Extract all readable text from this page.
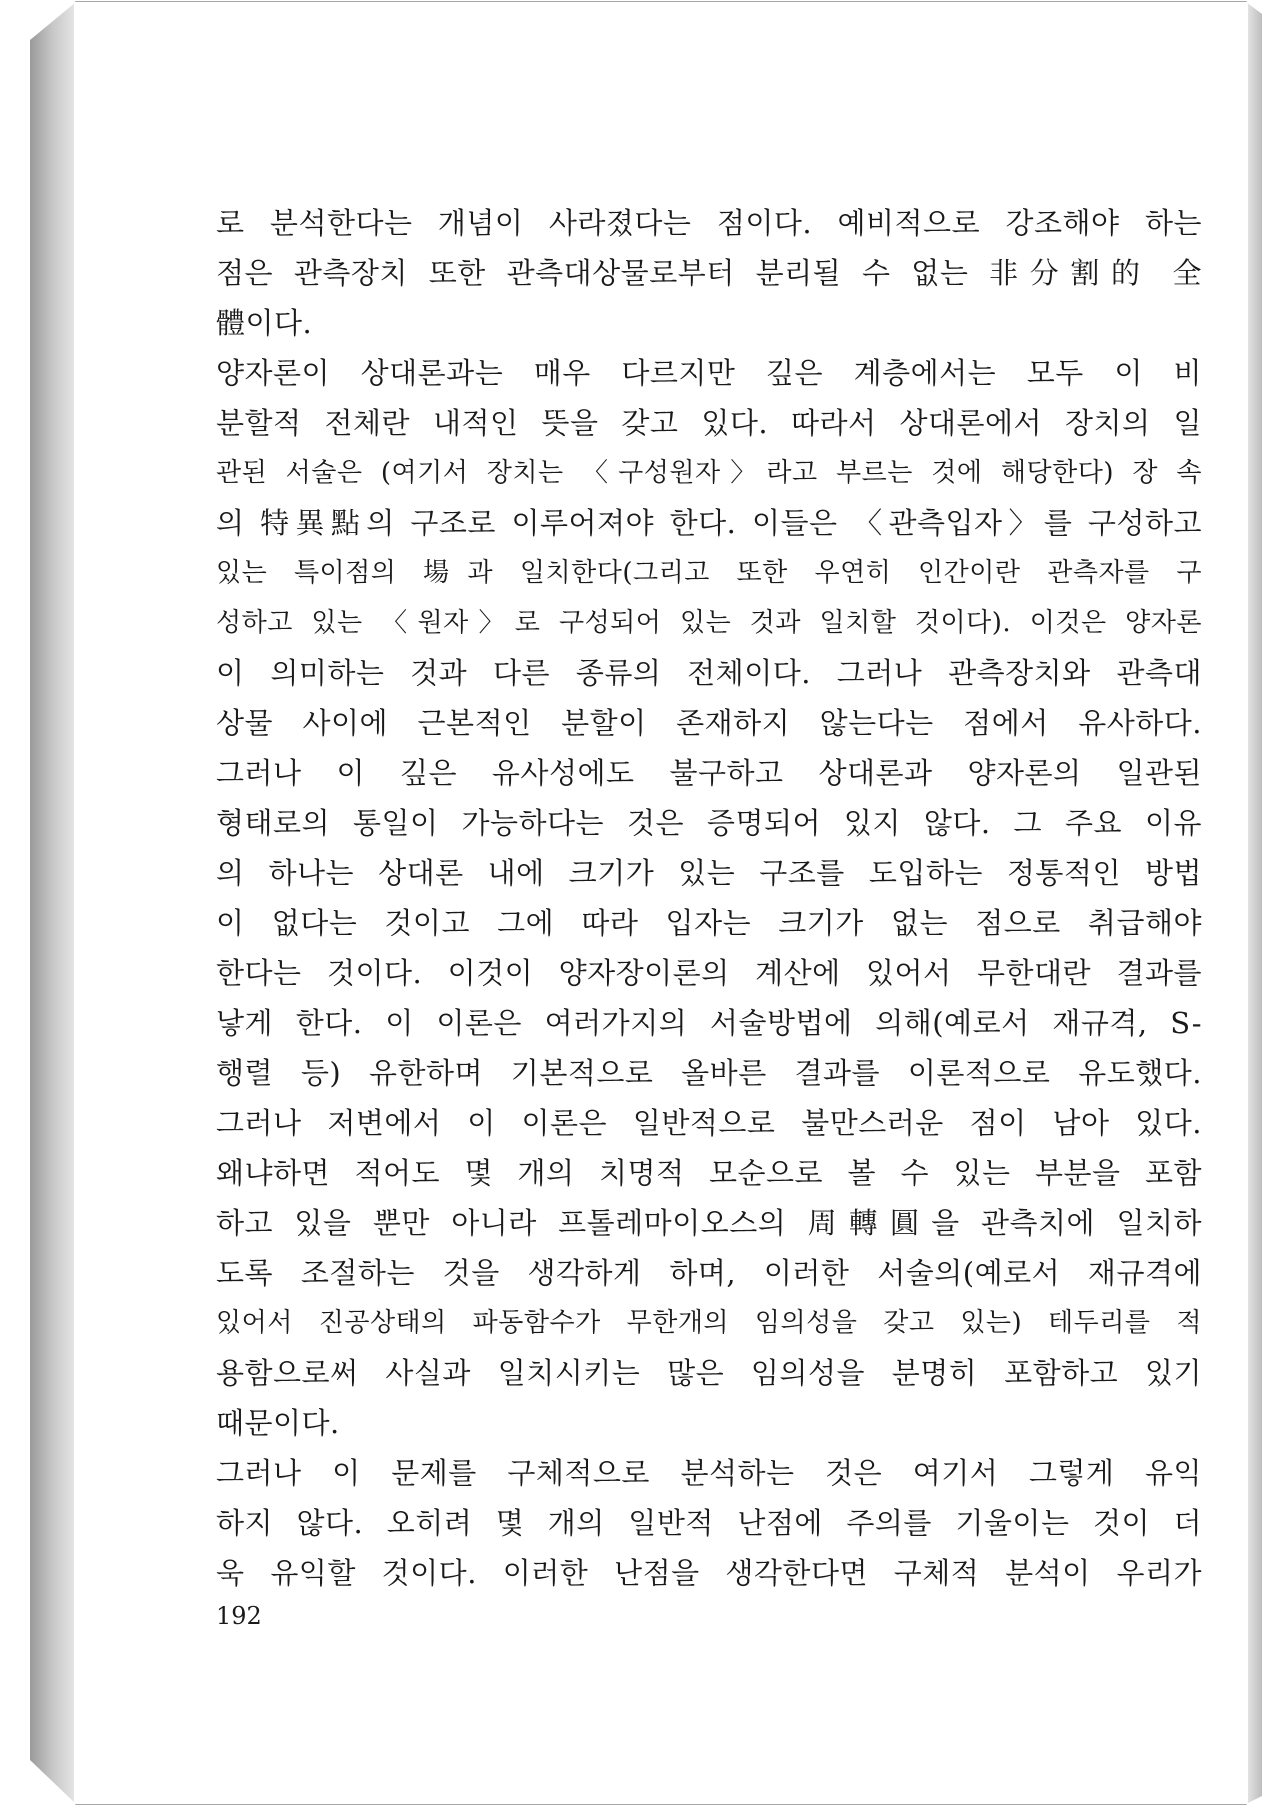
로 분석한다는 개념이 사라졌다는 점이다. 예비적으로 강조해야 하는
점은 관측장치 또한 관측대상물로부터 분리될 수 없는 非分割的 全
體이다.
양자론이 상대론과는 매우 다르지만 깊은 계층에서는 모두 이 비
분할적 전체란 내적인 뜻을 갖고 있다. 따라서 상대론에서 장치의 일
관된 서술은 (여기서 장치는 〈구성원자〉라고 부르는 것에 해당한다) 장 속
의 特異點의 구조로 이루어져야 한다. 이들은 〈관측입자〉를 구성하고
있는 특이점의 場과 일치한다(그리고 또한 우연히 인간이란 관측자를 구
성하고 있는 〈원자〉로 구성되어 있는 것과 일치할 것이다). 이것은 양자론
이 의미하는 것과 다른 종류의 전체이다. 그러나 관측장치와 관측대
상물 사이에 근본적인 분할이 존재하지 않는다는 점에서 유사하다.
그러나 이 깊은 유사성에도 불구하고 상대론과 양자론의 일관된
형태로의 통일이 가능하다는 것은 증명되어 있지 않다. 그 주요 이유
의 하나는 상대론 내에 크기가 있는 구조를 도입하는 정통적인 방법
이 없다는 것이고 그에 따라 입자는 크기가 없는 점으로 취급해야
한다는 것이다. 이것이 양자장이론의 계산에 있어서 무한대란 결과를
낳게 한다. 이 이론은 여러가지의 서술방법에 의해(예로서 재규격, S-
행렬 등) 유한하며 기본적으로 올바른 결과를 이론적으로 유도했다.
그러나 저변에서 이 이론은 일반적으로 불만스러운 점이 남아 있다.
왜냐하면 적어도 몇 개의 치명적 모순으로 볼 수 있는 부분을 포함
하고 있을 뿐만 아니라 프톨레마이오스의 周轉圓을 관측치에 일치하
도록 조절하는 것을 생각하게 하며, 이러한 서술의(예로서 재규격에
있어서 진공상태의 파동함수가 무한개의 임의성을 갖고 있는) 테두리를 적
용함으로써 사실과 일치시키는 많은 임의성을 분명히 포함하고 있기
때문이다.
그러나 이 문제를 구체적으로 분석하는 것은 여기서 그렇게 유익
하지 않다. 오히려 몇 개의 일반적 난점에 주의를 기울이는 것이 더
욱 유익할 것이다. 이러한 난점을 생각한다면 구체적 분석이 우리가
192
